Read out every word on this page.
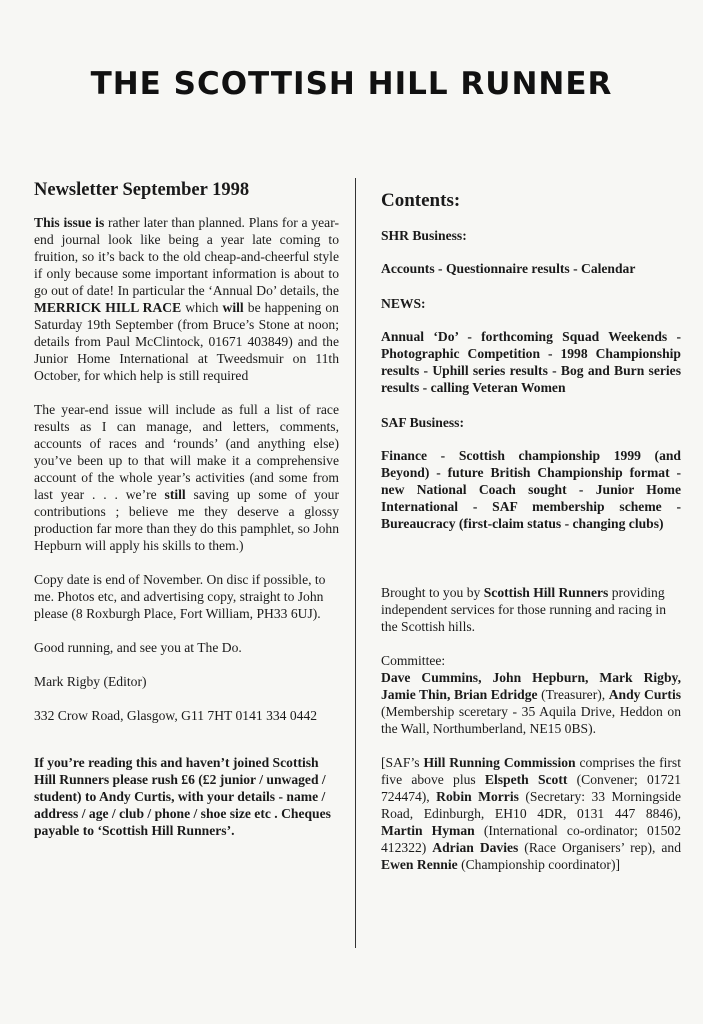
THE SCOTTISH HILL RUNNER
Newsletter September 1998

This issue is rather later than planned. Plans for a year-end journal look like being a year late coming to fruition, so it’s back to the old cheap-and-cheerful style if only because some important information is about to go out of date! In particular the ‘Annual Do’ details, the MERRICK HILL RACE which will be happening on Saturday 19th September (from Bruce’s Stone at noon; details from Paul McClintock, 01671 403849) and the Junior Home International at Tweedsmuir on 11th October, for which help is still required

The year-end issue will include as full a list of race results as I can manage, and letters, comments, accounts of races and ‘rounds’ (and anything else) you’ve been up to that will make it a comprehensive account of the whole year’s activities (and some from last year . . . we’re still saving up some of your contributions ; believe me they deserve a glossy production far more than they do this pamphlet, so John Hepburn will apply his skills to them.)

Copy date is end of November. On disc if possible, to me. Photos etc, and advertising copy, straight to John please (8 Roxburgh Place, Fort William, PH33 6UJ).

Good running, and see you at The Do.

Mark Rigby (Editor)

332 Crow Road, Glasgow, G11 7HT 0141 334 0442

If you’re reading this and haven’t joined Scottish Hill Runners please rush £6 (£2 junior / unwaged / student) to Andy Curtis, with your details - name / address / age / club / phone / shoe size etc . Cheques payable to ‘Scottish Hill Runners’.

Contents:

SHR Business:

Accounts - Questionnaire results - Calendar

NEWS:

Annual ‘Do’ - forthcoming Squad Weekends - Photographic Competition - 1998 Championship results - Uphill series results - Bog and Burn series results - calling Veteran Women

SAF Business:

Finance - Scottish championship 1999 (and Beyond) - future British Championship format - new National Coach sought - Junior Home International - SAF membership scheme - Bureaucracy (first-claim status - changing clubs)

Brought to you by Scottish Hill Runners providing independent services for those running and racing in the Scottish hills.

Committee:

Dave Cummins, John Hepburn, Mark Rigby, Jamie Thin, Brian Edridge (Treasurer), Andy Curtis (Membership sceretary - 35 Aquila Drive, Heddon on the Wall, Northumberland, NE15 0BS).

[SAF’s Hill Running Commission comprises the first five above plus Elspeth Scott (Convener; 01721 724474), Robin Morris (Secretary: 33 Morningside Road, Edinburgh, EH10 4DR, 0131 447 8846), Martin Hyman (International co-ordinator; 01502 412322) Adrian Davies (Race Organisers’ rep), and Ewen Rennie (Championship coordinator)]
